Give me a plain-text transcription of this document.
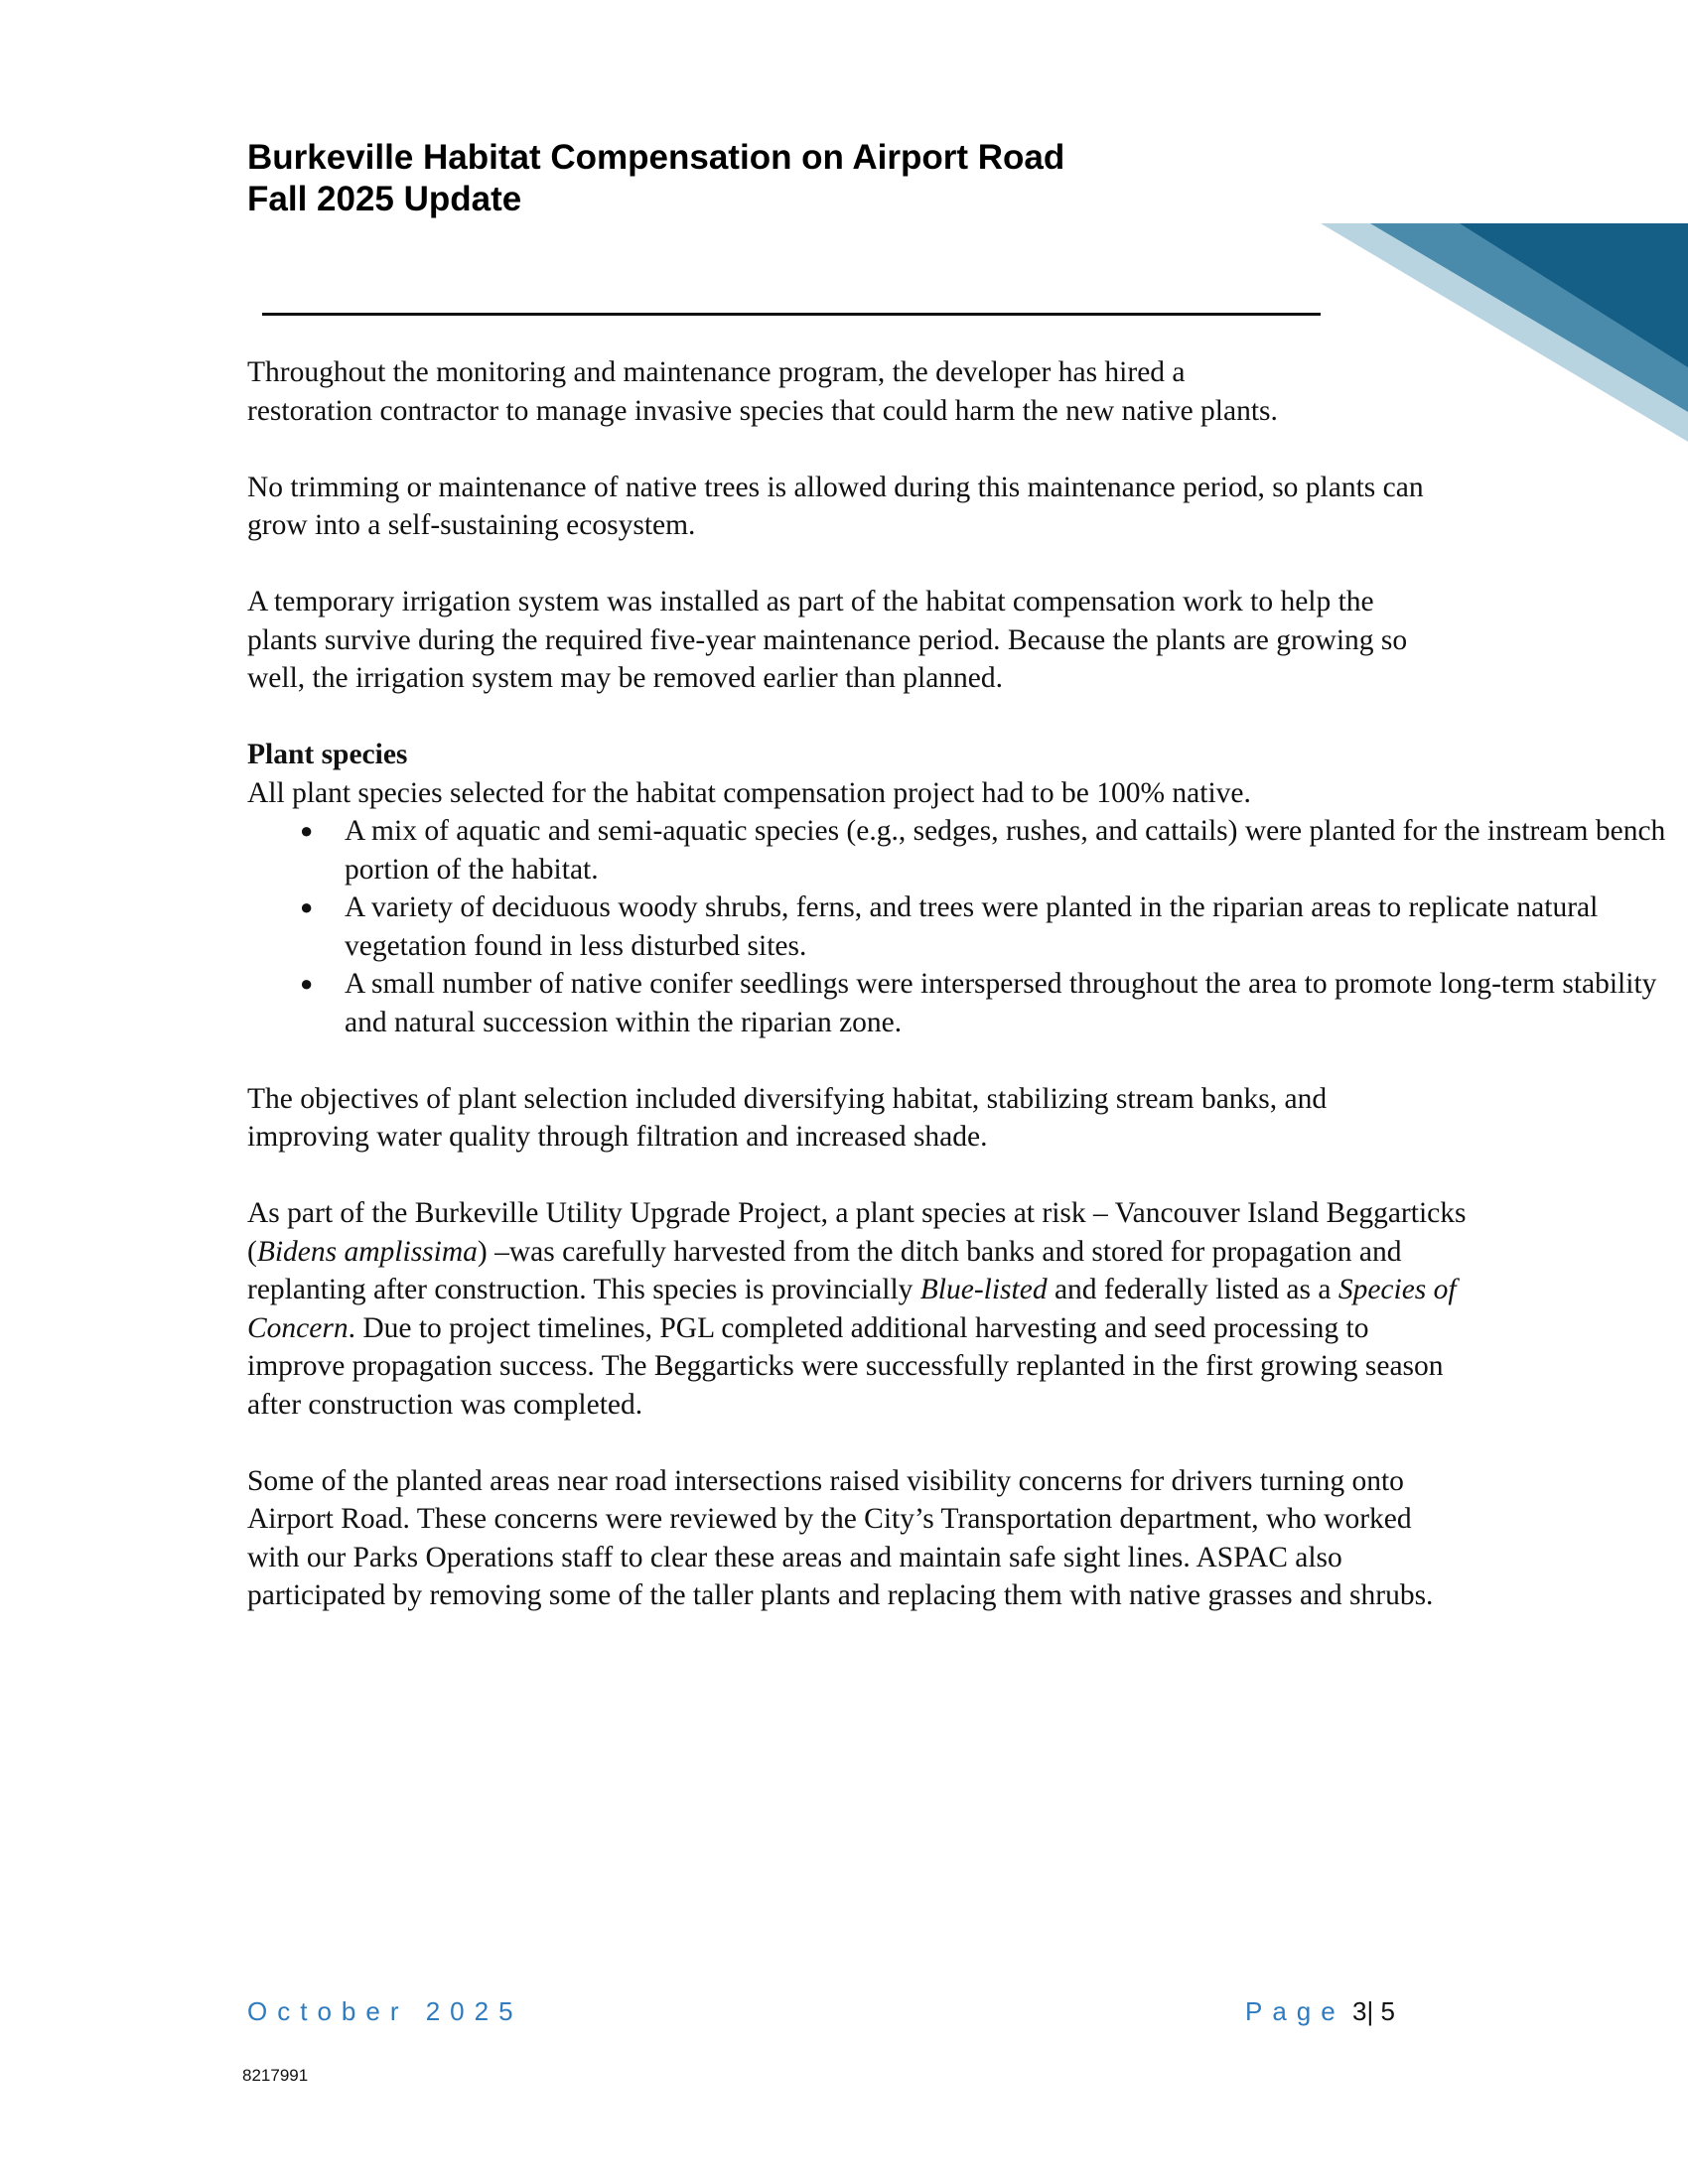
Burkeville Habitat Compensation on Airport Road
Fall 2025 Update

Throughout the monitoring and maintenance program, the developer has hired a restoration contractor to manage invasive species that could harm the new native plants.

No trimming or maintenance of native trees is allowed during this maintenance period, so plants can grow into a self-sustaining ecosystem.

A temporary irrigation system was installed as part of the habitat compensation work to help the plants survive during the required five-year maintenance period. Because the plants are growing so well, the irrigation system may be removed earlier than planned.

Plant species

All plant species selected for the habitat compensation project had to be 100% native.

● A mix of aquatic and semi-aquatic species (e.g., sedges, rushes, and cattails) were planted for the instream bench portion of the habitat.
● A variety of deciduous woody shrubs, ferns, and trees were planted in the riparian areas to replicate natural vegetation found in less disturbed sites.
● A small number of native conifer seedlings were interspersed throughout the area to promote long-term stability and natural succession within the riparian zone.

The objectives of plant selection included diversifying habitat, stabilizing stream banks, and improving water quality through filtration and increased shade.

As part of the Burkeville Utility Upgrade Project, a plant species at risk – Vancouver Island Beggarticks (Bidens amplissima) –was carefully harvested from the ditch banks and stored for propagation and replanting after construction. This species is provincially Blue-listed and federally listed as a Species of Concern. Due to project timelines, PGL completed additional harvesting and seed processing to improve propagation success. The Beggarticks were successfully replanted in the first growing season after construction was completed.

Some of the planted areas near road intersections raised visibility concerns for drivers turning onto Airport Road. These concerns were reviewed by the City’s Transportation department, who worked with our Parks Operations staff to clear these areas and maintain safe sight lines. ASPAC also participated by removing some of the taller plants and replacing them with native grasses and shrubs.

October 2025	Page 3| 5
8217991
